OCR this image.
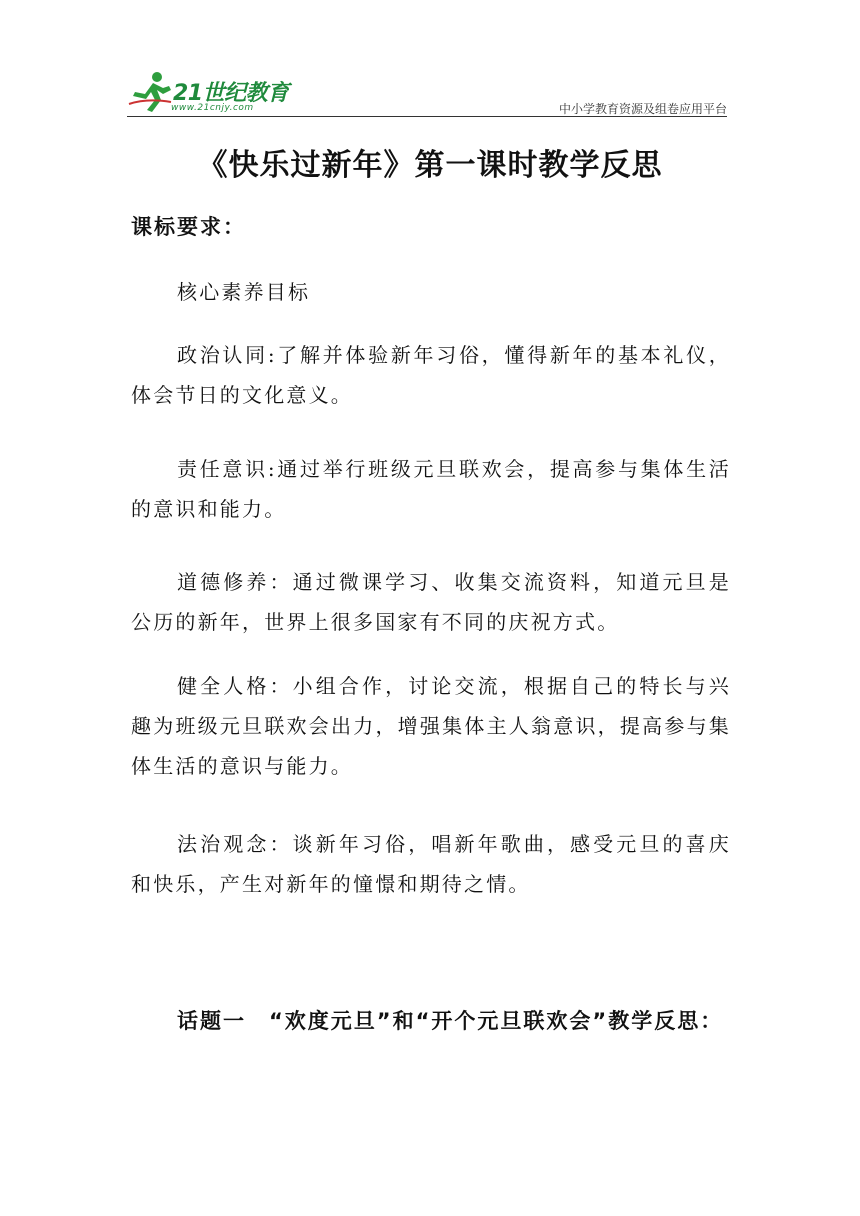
21世纪教育
www.21cnjy.com	中小学教育资源及组卷应用平台
《快乐过新年》第一课时教学反思
课标要求：
核心素养目标
政治认同:了解并体验新年习俗，懂得新年的基本礼仪，体会节日的文化意义。
责任意识:通过举行班级元旦联欢会，提高参与集体生活的意识和能力。
道德修养：通过微课学习、收集交流资料，知道元旦是公历的新年，世界上很多国家有不同的庆祝方式。
健全人格：小组合作，讨论交流，根据自己的特长与兴趣为班级元旦联欢会出力，增强集体主人翁意识，提高参与集体生活的意识与能力。
法治观念：谈新年习俗，唱新年歌曲，感受元旦的喜庆和快乐，产生对新年的憧憬和期待之情。
话题一　“欢度元旦”和“开个元旦联欢会”教学反思：
